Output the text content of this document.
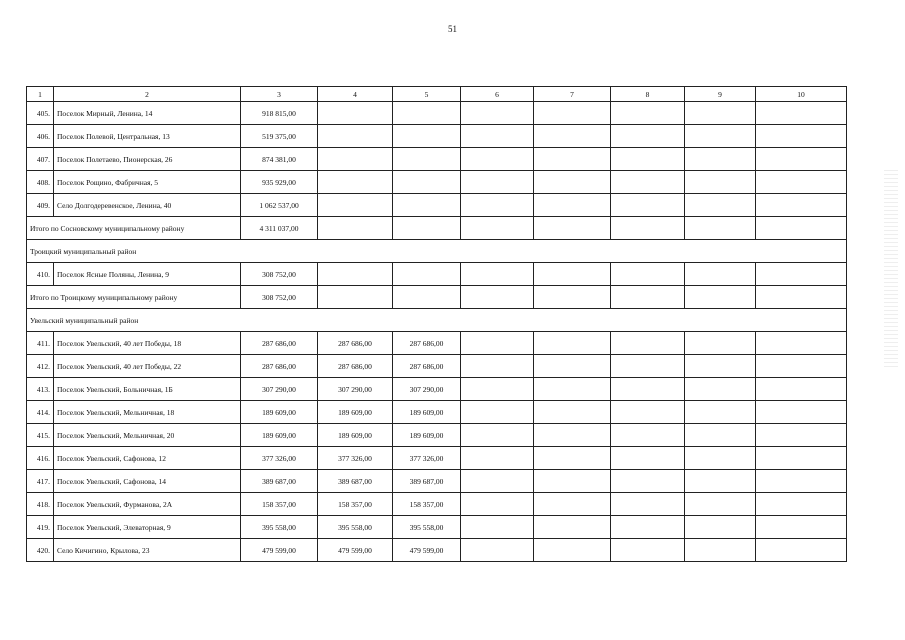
51
1	2	3	4	5	6	7	8	9	10
405.	Поселок Мирный, Ленина, 14	918 815,00							
406.	Поселок Полевой, Центральная, 13	519 375,00							
407.	Поселок Полетаево, Пионерская, 26	874 381,00							
408.	Поселок Рощино, Фабричная, 5	935 929,00							
409.	Село Долгодеревенское, Ленина, 40	1 062 537,00							
Итого по Сосновскому муниципальному району		4 311 037,00							
Троицкий муниципальный район									
410.	Поселок Ясные Поляны, Ленина, 9	308 752,00							
Итого по Троицкому муниципальному району		308 752,00							
Увельский муниципальный район									
411.	Поселок Увельский, 40 лет Победы, 18	287 686,00	287 686,00	287 686,00					
412.	Поселок Увельский, 40 лет Победы, 22	287 686,00	287 686,00	287 686,00					
413.	Поселок Увельский, Больничная, 1Б	307 290,00	307 290,00	307 290,00					
414.	Поселок Увельский, Мельничная, 18	189 609,00	189 609,00	189 609,00					
415.	Поселок Увельский, Мельничная, 20	189 609,00	189 609,00	189 609,00					
416.	Поселок Увельский, Сафонова, 12	377 326,00	377 326,00	377 326,00					
417.	Поселок Увельский, Сафонова, 14	389 687,00	389 687,00	389 687,00					
418.	Поселок Увельский, Фурманова, 2А	158 357,00	158 357,00	158 357,00					
419.	Поселок Увельский, Элеваторная, 9	395 558,00	395 558,00	395 558,00					
420.	Село Кичигино, Крылова, 23	479 599,00	479 599,00	479 599,00					
